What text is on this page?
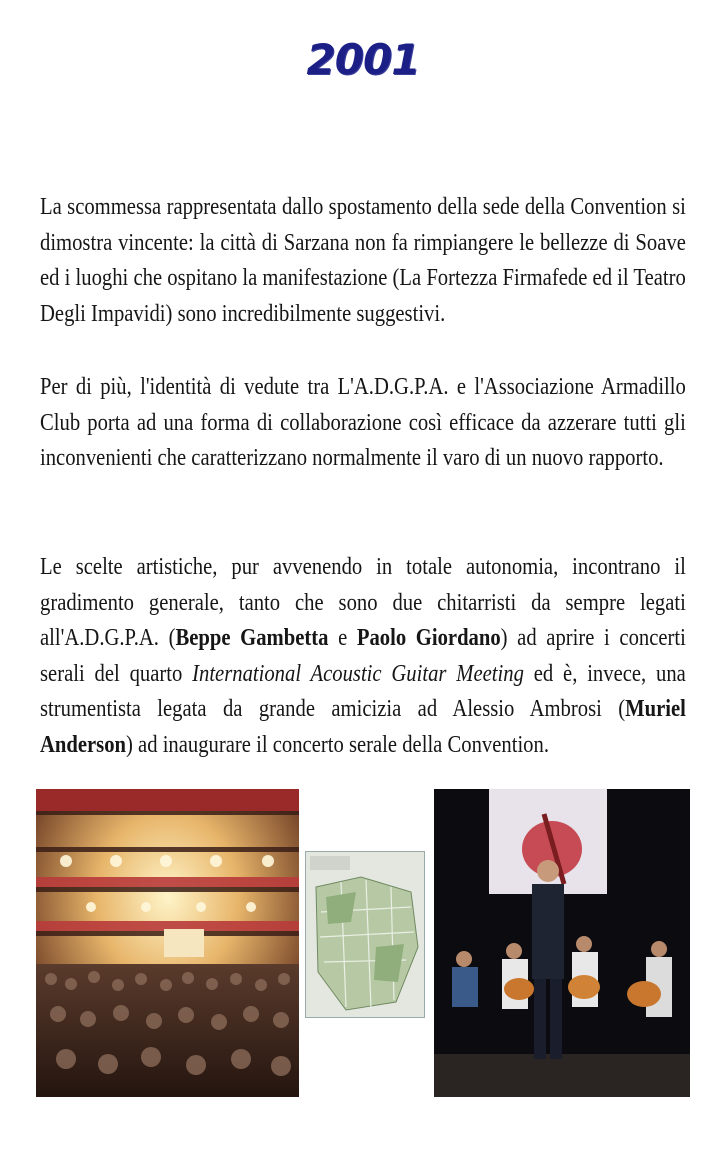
2001

La scommessa rappresentata dallo spostamento della sede della Convention si dimostra vincente: la città di Sarzana non fa rimpiangere le bellezze di Soave ed i luoghi che ospitano la manifestazione (La Fortezza Firmafede ed il Teatro Degli Impavidi) sono incredibilmente suggestivi.

Per di più, l'identità di vedute tra L'A.D.G.P.A. e l'Associazione Armadillo Club porta ad una forma di collaborazione così efficace da azzerare tutti gli inconvenienti che caratterizzano normalmente il varo di un nuovo rapporto.

Le scelte artistiche, pur avvenendo in totale autonomia, incontrano il gradimento generale, tanto che sono due chitarristi da sempre legati all'A.D.G.P.A. (Beppe Gambetta e Paolo Giordano) ad aprire i concerti serali del quarto International Acoustic Guitar Meeting ed è, invece, una strumentista legata da grande amicizia ad Alessio Ambrosi (Muriel Anderson) ad inaugurare il concerto serale della Convention.
